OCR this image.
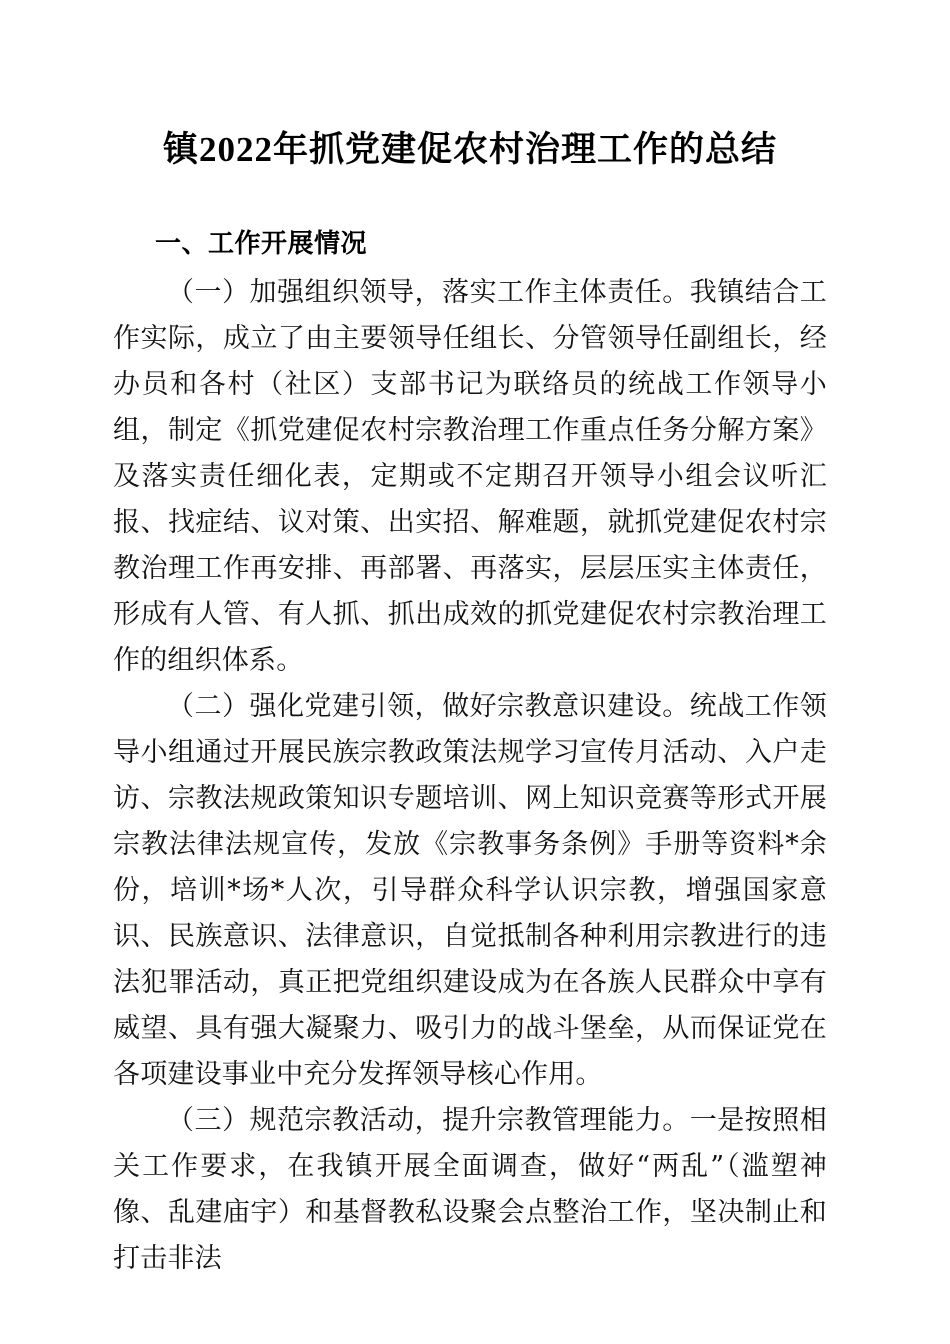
镇2022年抓党建促农村治理工作的总结
一、工作开展情况

（一）加强组织领导，落实工作主体责任。我镇结合工作实际，成立了由主要领导任组长、分管领导任副组长，经办员和各村（社区）支部书记为联络员的统战工作领导小组，制定《抓党建促农村宗教治理工作重点任务分解方案》及落实责任细化表，定期或不定期召开领导小组会议听汇报、找症结、议对策、出实招、解难题，就抓党建促农村宗教治理工作再安排、再部署、再落实，层层压实主体责任，形成有人管、有人抓、抓出成效的抓党建促农村宗教治理工作的组织体系。

（二）强化党建引领，做好宗教意识建设。统战工作领导小组通过开展民族宗教政策法规学习宣传月活动、入户走访、宗教法规政策知识专题培训、网上知识竞赛等形式开展宗教法律法规宣传，发放《宗教事务条例》手册等资料*余份，培训*场*人次，引导群众科学认识宗教，增强国家意识、民族意识、法律意识，自觉抵制各种利用宗教进行的违法犯罪活动，真正把党组织建设成为在各族人民群众中享有威望、具有强大凝聚力、吸引力的战斗堡垒，从而保证党在各项建设事业中充分发挥领导核心作用。

（三）规范宗教活动，提升宗教管理能力。一是按照相关工作要求，在我镇开展全面调查，做好“两乱”（滥塑神像、乱建庙宇）和基督教私设聚会点整治工作，坚决制止和打击非法
